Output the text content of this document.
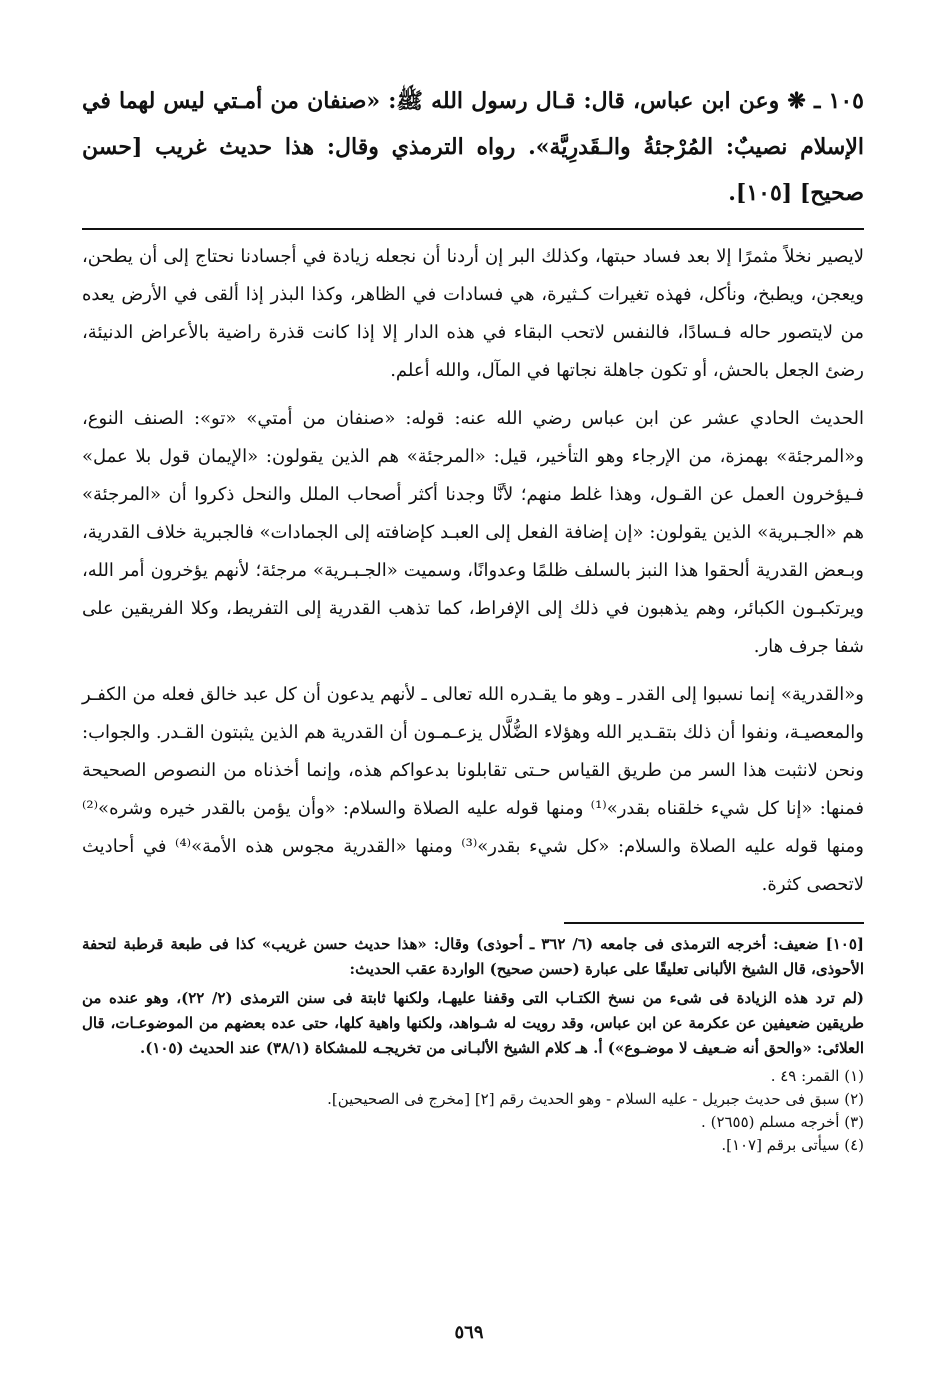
١٠٥ ـ ❋ وعن ابن عباس، قال: قـال رسول الله ﷺ: «صنفان من أمـتي ليس لهما في الإسلام نصيبٌ: المُرْجئةُ والـقَدرِيَّة». رواه الترمذي وقال: هذا حديث غريب [حسن صحيح] [١٠٥].

لايصير نخلاً مثمرًا إلا بعد فساد حبتها، وكذلك البر إن أردنا أن نجعله زيادة في أجسادنا نحتاج إلى أن يطحن، ويعجن، ويطبخ، ونأكل، فهذه تغيرات كـثيرة، هي فسادات في الظاهر، وكذا البذر إذا ألقى في الأرض يعده من لايتصور حاله فـسادًا، فالنفس لاتحب البقاء في هذه الدار إلا إذا كانت قذرة راضية بالأعراض الدنيئة، رضئ الجعل بالحش، أو تكون جاهلة نجاتها في المآل، والله أعلم.

الحديث الحادي عشر عن ابن عباس رضي الله عنه: قوله: «صنفان من أمتي» «تو»: الصنف النوع، و«المرجئة» بهمزة، من الإرجاء وهو التأخير، قيل: «المرجئة» هم الذين يقولون: «الإيمان قول بلا عمل» فـيؤخرون العمل عن القـول، وهذا غلط منهم؛ لأنَّا وجدنا أكثر أصحاب الملل والنحل ذكروا أن «المرجئة» هم «الجـبرية» الذين يقولون: «إن إضافة الفعل إلى العبـد كإضافته إلى الجمادات» فالجبرية خلاف القدرية، وبـعض القدرية ألحقوا هذا النبز بالسلف ظلمًا وعدوانًا، وسميت «الجـبـرية» مرجئة؛ لأنهم يؤخرون أمر الله، ويرتكبـون الكبائر، وهم يذهبون في ذلك إلى الإفراط، كما تذهب القدرية إلى التفريط، وكلا الفريقين على شفا جرف هار.

و«القدرية» إنما نسبوا إلى القدر ـ وهو ما يقـدره الله تعالى ـ لأنهم يدعون أن كل عبد خالق فعله من الكفـر والمعصيـة، ونفوا أن ذلك بتقـدير الله وهؤلاء الضُّلَّال يزعـمـون أن القدرية هم الذين يثبتون القـدر. والجواب: ونحن لانثبت هذا السر من طريق القياس حـتى تقابلونا بدعواكم هذه، وإنما أخذناه من النصوص الصحيحة فمنها: «إنا كل شيء خلقناه بقدر»⁽¹⁾ ومنها قوله عليه الصلاة والسلام: «وأن يؤمن بالقدر خيره وشره»⁽²⁾ ومنها قوله عليه الصلاة والسلام: «كل شيء بقدر»⁽³⁾ ومنها «القدرية مجوس هذه الأمة»⁽⁴⁾ في أحاديث لاتحصى كثرة.

[١٠٥] ضعيف: أخرجه الترمذى فى جامعه (٦/ ٣٦٢ ـ أحوذى) وقال: «هذا حديث حسن غريب» كذا فى طبعة قرطبة لتحفة الأحوذى، قال الشيخ الألبانى تعليقًا على عبارة (حسن صحيح) الواردة عقب الحديث:

(لم ترد هذه الزيادة فى شىء من نسخ الكتـاب التى وقفنا عليهـا، ولكنها ثابتة فى سنن الترمذى (٢/ ٢٢)، وهو عنده من طريقين ضعيفين عن عكرمة عن ابن عباس، وقد رويت له شـواهد، ولكنها واهية كلها، حتى عده بعضهم من الموضوعـات، قال العلائى: «والحق أنه ضـعيف لا موضـوع») أ. هـ كلام الشيخ الألبـانى من تخريجـه للمشكاة (٣٨/١) عند الحديث (١٠٥).

(١) القمر: ٤٩ .
(٢) سبق فى حديث جبريل - عليه السلام - وهو الحديث رقم [٢] [مخرج فى الصحيحين].
(٣) أخرجه مسلم (٢٦٥٥) .
(٤) سيأتى برقم [١٠٧].
٥٦٩
